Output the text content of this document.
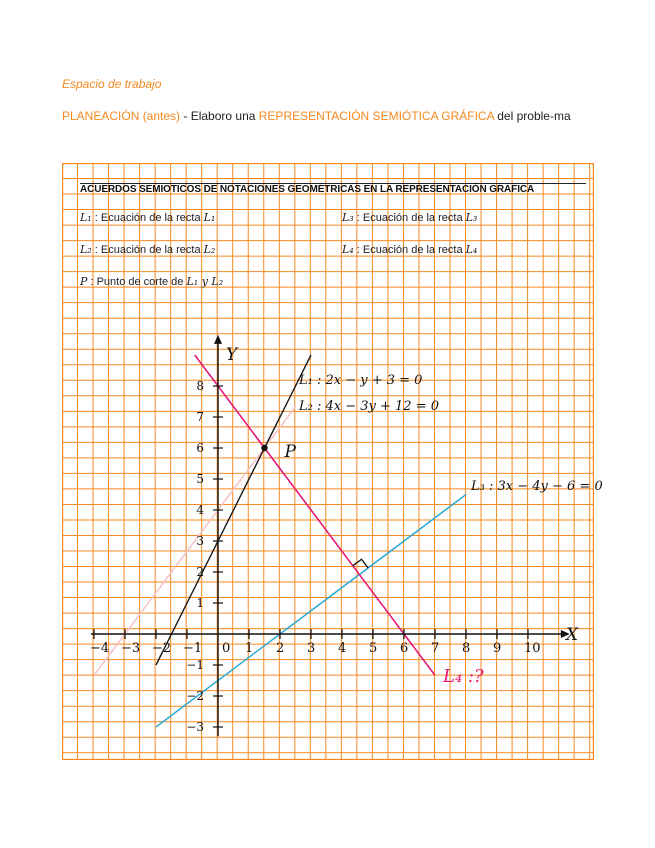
Espacio de trabajo
PLANEACIÓN (antes) - Elaboro una REPRESENTACIÓN SEMIÓTICA GRÁFICA del proble-ma
ACUERDOS SEMIOTICOS DE NOTACIONES GEOMÉTRICAS EN LA REPRESENTACIÓN GRÁFICA
L₁ : Ecuación de la recta L₁	L₃ : Ecuación de la recta L₃
L₂ : Ecuación de la recta L₂	L₄ : Ecuación de la recta L₄
P : Punto de corte de L₁ y L₂
−4 −3 −2 −1 0 1 2 3 4 5 6 7 8 9 10
−3
−2
−1
1
2
3
4
5
6
7
8
X
Y
P
L₁ : 2x − y + 3 = 0
L₂ : 4x − 3y + 12 = 0
L₃ : 3x − 4y − 6 = 0
L₄ :?
